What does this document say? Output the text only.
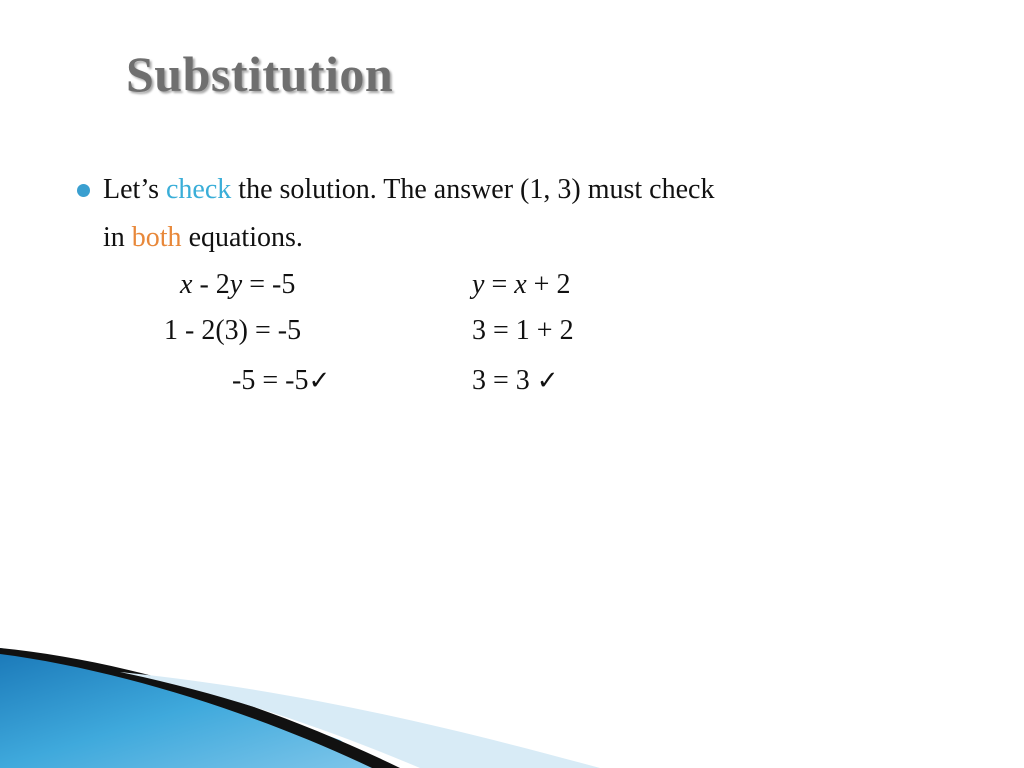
Substitution
Let’s check the solution. The answer (1, 3) must check
in both equations.
x - 2y = -5
1 - 2(3) = -5
-5 = -5✓
y = x + 2
3 = 1 + 2
3 = 3 ✓
